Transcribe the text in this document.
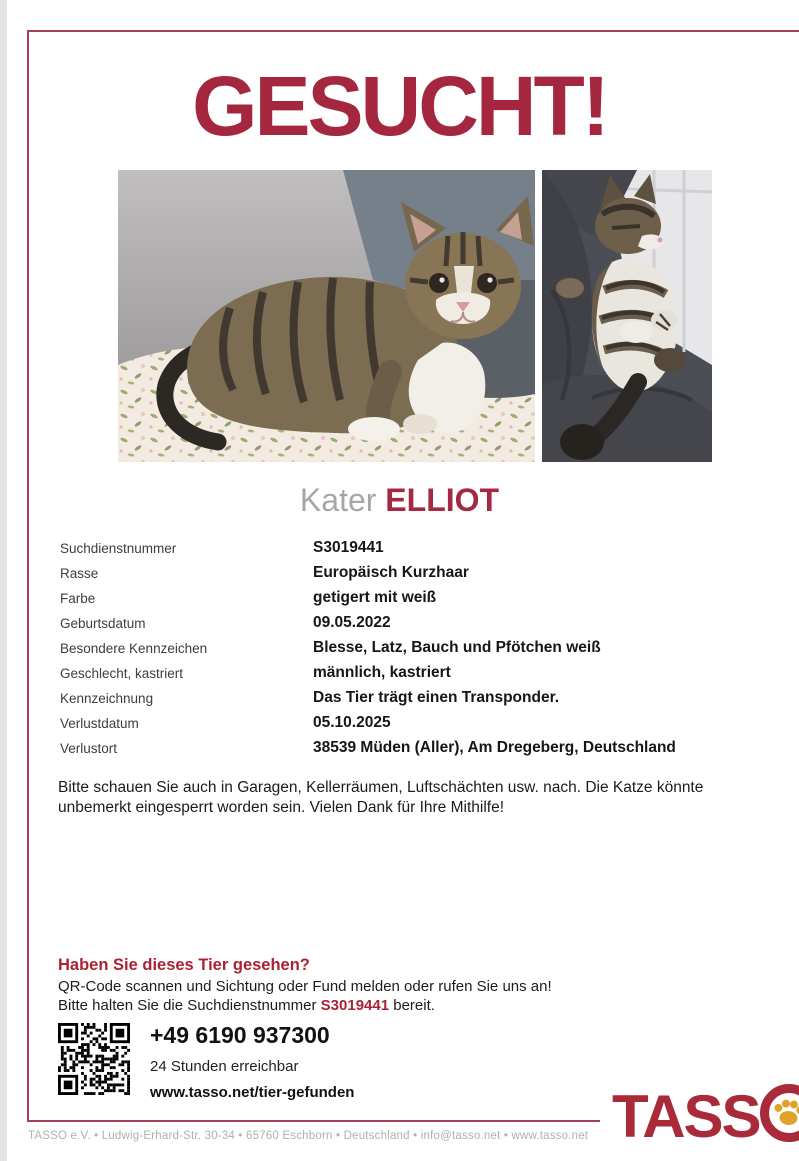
GESUCHT!
Kater ELLIOT
Suchdienstnummer	S3019441
Rasse	Europäisch Kurzhaar
Farbe	getigert mit weiß
Geburtsdatum	09.05.2022
Besondere Kennzeichen	Blesse, Latz, Bauch und Pfötchen weiß
Geschlecht, kastriert	männlich, kastriert
Kennzeichnung	Das Tier trägt einen Transponder.
Verlustdatum	05.10.2025
Verlustort	38539 Müden (Aller), Am Dregeberg, Deutschland
Bitte schauen Sie auch in Garagen, Kellerräumen, Luftschächten usw. nach. Die Katze könnte unbemerkt eingesperrt worden sein. Vielen Dank für Ihre Mithilfe!
Haben Sie dieses Tier gesehen?
QR-Code scannen und Sichtung oder Fund melden oder rufen Sie uns an!
Bitte halten Sie die Suchdienstnummer S3019441 bereit.
+49 6190 937300
24 Stunden erreichbar
www.tasso.net/tier-gefunden	TASS
TASSO e.V. • Ludwig-Erhard-Str. 30-34 • 65760 Eschborn • Deutschland • info@tasso.net • www.tasso.net
